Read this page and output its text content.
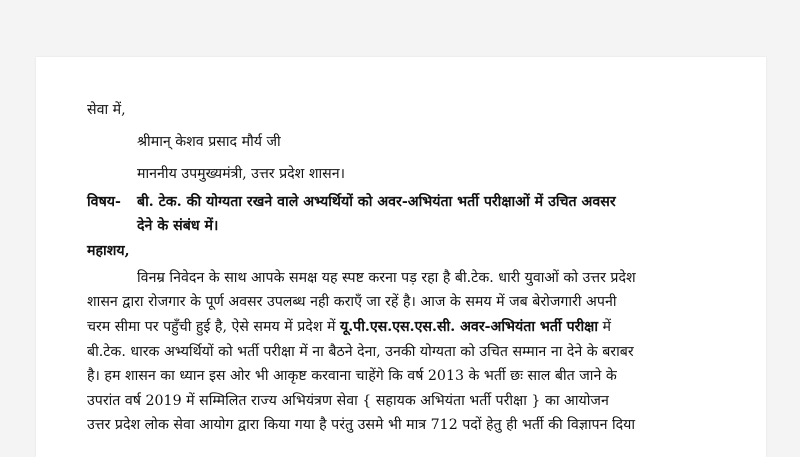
सेवा में,
श्रीमान् केशव प्रसाद मौर्य जी
माननीय उपमुख्यमंत्री, उत्तर प्रदेश शासन।
विषय- बी. टेक. की योग्यता रखने वाले अभ्यर्थियों को अवर-अभियंता भर्ती परीक्षाओं में उचित अवसर
देने के संबंध में।
महाशय,
विनम्र निवेदन के साथ आपके समक्ष यह स्पष्ट करना पड़ रहा है बी.टेक. धारी युवाओं को उत्तर प्रदेश
शासन द्वारा रोजगार के पूर्ण अवसर उपलब्ध नही कराएँ जा रहें है। आज के समय में जब बेरोजगारी अपनी
चरम सीमा पर पहुँची हुई है, ऐसे समय में प्रदेश में यू.पी.एस.एस.एस.सी. अवर-अभियंता भर्ती परीक्षा में
बी.टेक. धारक अभ्यर्थियों को भर्ती परीक्षा में ना बैठने देना, उनकी योग्यता को उचित सम्मान ना देने के बराबर
है। हम शासन का ध्यान इस ओर भी आकृष्ट करवाना चाहेंगे कि वर्ष 2013 के भर्ती छः साल बीत जाने के
उपरांत वर्ष 2019 में सम्मिलित राज्य अभियंत्रण सेवा { सहायक अभियंता भर्ती परीक्षा } का आयोजन
उत्तर प्रदेश लोक सेवा आयोग द्वारा किया गया है परंतु उसमे भी मात्र 712 पदों हेतु ही भर्ती की विज्ञापन दिया
